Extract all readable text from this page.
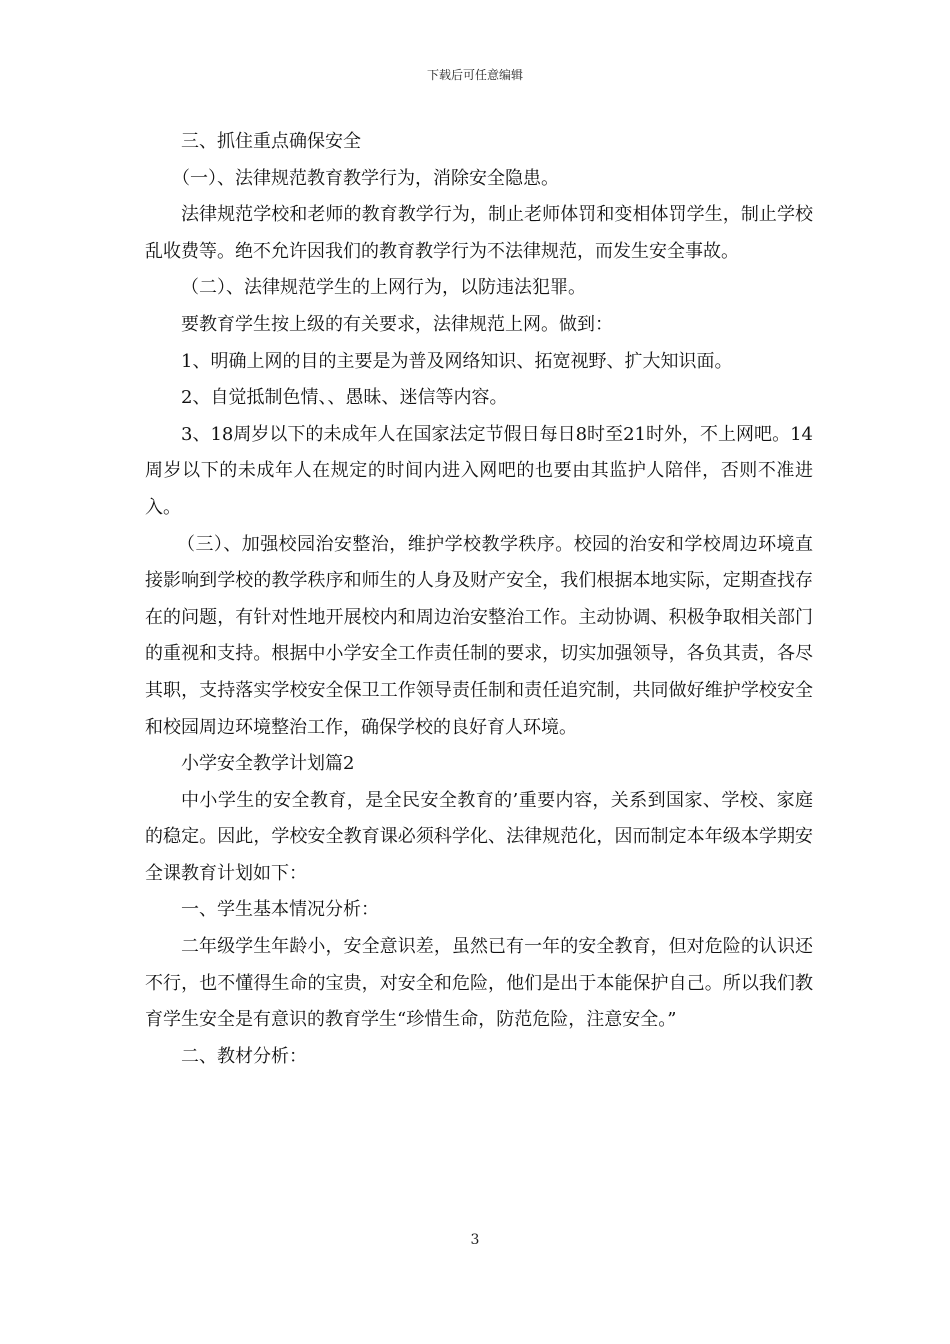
下载后可任意编辑

三、抓住重点确保安全

（一）、法律规范教育教学行为，消除安全隐患。

法律规范学校和老师的教育教学行为，制止老师体罚和变相体罚学生，制止学校乱收费等。绝不允许因我们的教育教学行为不法律规范，而发生安全事故。

（二）、法律规范学生的上网行为，以防违法犯罪。

要教育学生按上级的有关要求，法律规范上网。做到：

1、明确上网的目的主要是为普及网络知识、拓宽视野、扩大知识面。

2、自觉抵制色情、、愚昧、迷信等内容。

3、18周岁以下的未成年人在国家法定节假日每日8时至21时外，不上网吧。14周岁以下的未成年人在规定的时间内进入网吧的也要由其监护人陪伴，否则不准进入。

（三）、加强校园治安整治，维护学校教学秩序。校园的治安和学校周边环境直接影响到学校的教学秩序和师生的人身及财产安全，我们根据本地实际，定期查找存在的问题，有针对性地开展校内和周边治安整治工作。主动协调、积极争取相关部门的重视和支持。根据中小学安全工作责任制的要求，切实加强领导，各负其责，各尽其职，支持落实学校安全保卫工作领导责任制和责任追究制，共同做好维护学校安全和校园周边环境整治工作，确保学校的良好育人环境。

小学安全教学计划篇2

中小学生的安全教育，是全民安全教育的’重要内容，关系到国家、学校、家庭的稳定。因此，学校安全教育课必须科学化、法律规范化，因而制定本年级本学期安全课教育计划如下：

一、学生基本情况分析：

二年级学生年龄小，安全意识差，虽然已有一年的安全教育，但对危险的认识还不行，也不懂得生命的宝贵，对安全和危险，他们是出于本能保护自己。所以我们教育学生安全是有意识的教育学生“珍惜生命，防范危险，注意安全。”

二、教材分析：

3
